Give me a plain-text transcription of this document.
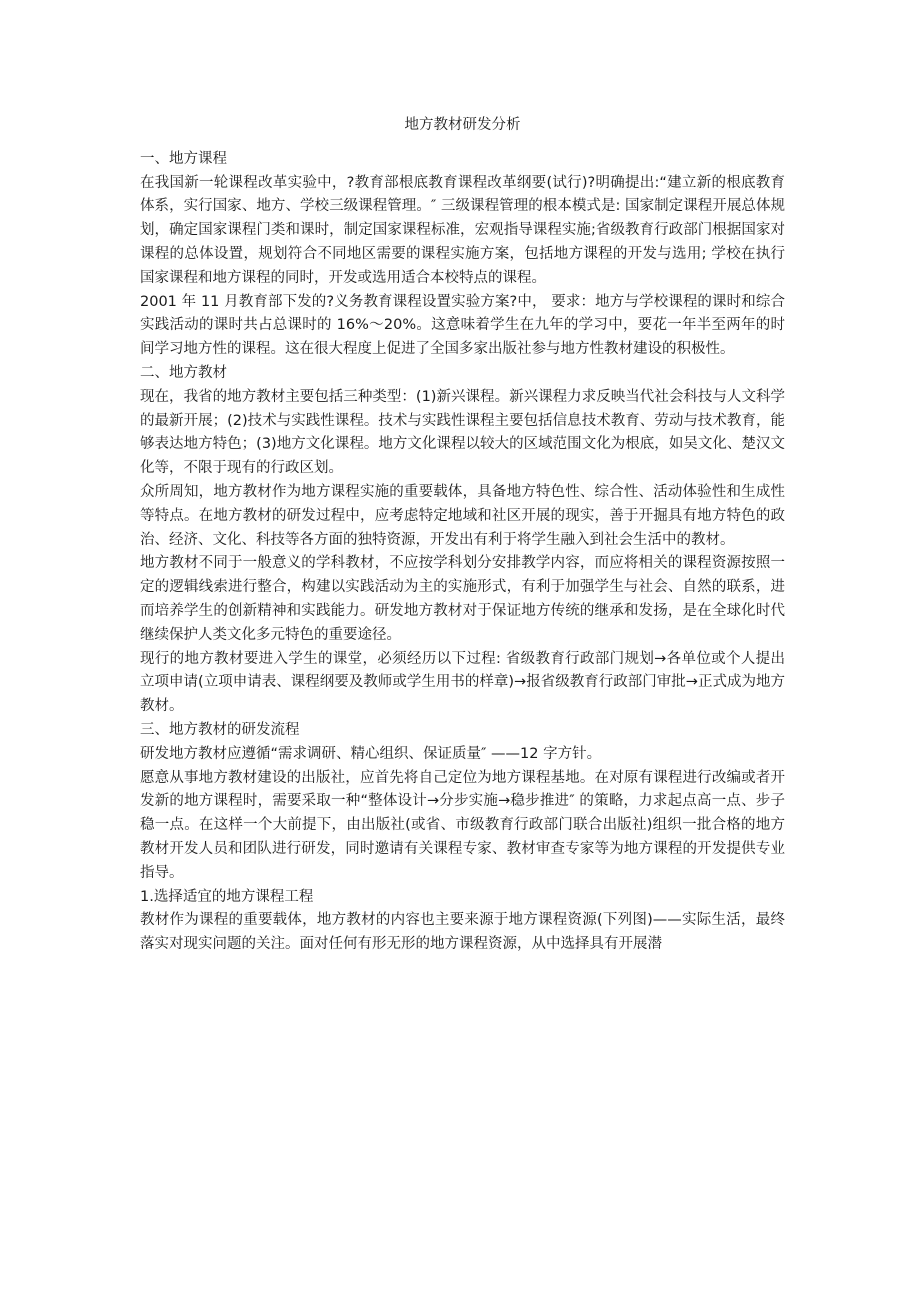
地方教材研发分析

一、地方课程

在我国新一轮课程改革实验中，?教育部根底教育课程改革纲要(试行)?明确提出:“建立新的根底教育体系，实行国家、地方、学校三级课程管理。″ 三级课程管理的根本模式是: 国家制定课程开展总体规划，确定国家课程门类和课时，制定国家课程标准，宏观指导课程实施;省级教育行政部门根据国家对课程的总体设置，规划符合不同地区需要的课程实施方案，包括地方课程的开发与选用; 学校在执行国家课程和地方课程的同时，开发或选用适合本校特点的课程。

2001 年 11 月教育部下发的?义务教育课程设置实验方案?中， 要求：地方与学校课程的课时和综合实践活动的课时共占总课时的 16%～20%。这意味着学生在九年的学习中，要花一年半至两年的时间学习地方性的课程。这在很大程度上促进了全国多家出版社参与地方性教材建设的积极性。

二、地方教材

现在，我省的地方教材主要包括三种类型：(1)新兴课程。新兴课程力求反映当代社会科技与人文科学的最新开展；(2)技术与实践性课程。技术与实践性课程主要包括信息技术教育、劳动与技术教育，能够表达地方特色；(3)地方文化课程。地方文化课程以较大的区域范围文化为根底，如吴文化、楚汉文化等，不限于现有的行政区划。

众所周知，地方教材作为地方课程实施的重要载体，具备地方特色性、综合性、活动体验性和生成性等特点。在地方教材的研发过程中，应考虑特定地域和社区开展的现实，善于开掘具有地方特色的政治、经济、文化、科技等各方面的独特资源，开发出有利于将学生融入到社会生活中的教材。

地方教材不同于一般意义的学科教材，不应按学科划分安排教学内容，而应将相关的课程资源按照一定的逻辑线索进行整合，构建以实践活动为主的实施形式，有利于加强学生与社会、自然的联系，进而培养学生的创新精神和实践能力。研发地方教材对于保证地方传统的继承和发扬，是在全球化时代继续保护人类文化多元特色的重要途径。

现行的地方教材要进入学生的课堂，必须经历以下过程: 省级教育行政部门规划→各单位或个人提出立项申请(立项申请表、课程纲要及教师或学生用书的样章)→报省级教育行政部门审批→正式成为地方教材。

三、地方教材的研发流程

研发地方教材应遵循“需求调研、精心组织、保证质量″ ——12 字方针。

愿意从事地方教材建设的出版社，应首先将自己定位为地方课程基地。在对原有课程进行改编或者开发新的地方课程时，需要采取一种“整体设计→分步实施→稳步推进″ 的策略，力求起点高一点、步子稳一点。在这样一个大前提下，由出版社(或省、市级教育行政部门联合出版社)组织一批合格的地方教材开发人员和团队进行研发，同时邀请有关课程专家、教材审查专家等为地方课程的开发提供专业指导。

1.选择适宜的地方课程工程

教材作为课程的重要载体，地方教材的内容也主要来源于地方课程资源(下列图)——实际生活，最终落实对现实问题的关注。面对任何有形无形的地方课程资源，从中选择具有开展潜
